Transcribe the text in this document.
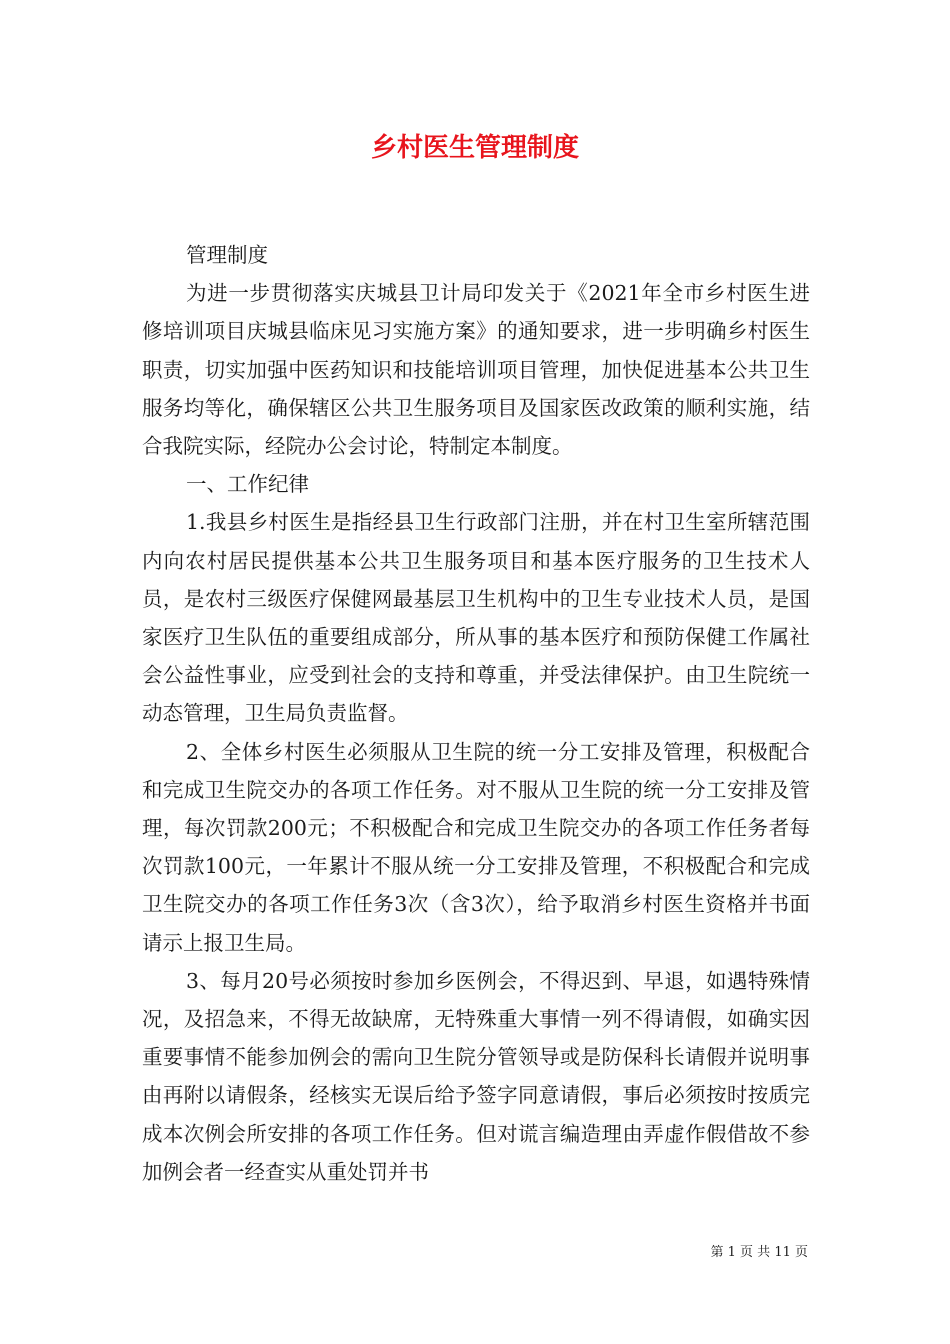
乡村医生管理制度

管理制度

为进一步贯彻落实庆城县卫计局印发关于《2021年全市乡村医生进修培训项目庆城县临床见习实施方案》的通知要求，进一步明确乡村医生职责，切实加强中医药知识和技能培训项目管理，加快促进基本公共卫生服务均等化，确保辖区公共卫生服务项目及国家医改政策的顺利实施，结合我院实际，经院办公会讨论，特制定本制度。

一、工作纪律

1.我县乡村医生是指经县卫生行政部门注册，并在村卫生室所辖范围内向农村居民提供基本公共卫生服务项目和基本医疗服务的卫生技术人员，是农村三级医疗保健网最基层卫生机构中的卫生专业技术人员，是国家医疗卫生队伍的重要组成部分，所从事的基本医疗和预防保健工作属社会公益性事业，应受到社会的支持和尊重，并受法律保护。由卫生院统一动态管理，卫生局负责监督。

2、全体乡村医生必须服从卫生院的统一分工安排及管理，积极配合和完成卫生院交办的各项工作任务。对不服从卫生院的统一分工安排及管理，每次罚款200元；不积极配合和完成卫生院交办的各项工作任务者每次罚款100元，一年累计不服从统一分工安排及管理，不积极配合和完成卫生院交办的各项工作任务3次（含3次），给予取消乡村医生资格并书面请示上报卫生局。

3、每月20号必须按时参加乡医例会，不得迟到、早退，如遇特殊情况，及招急来，不得无故缺席，无特殊重大事情一列不得请假，如确实因重要事情不能参加例会的需向卫生院分管领导或是防保科长请假并说明事由再附以请假条，经核实无误后给予签字同意请假，事后必须按时按质完成本次例会所安排的各项工作任务。但对谎言编造理由弄虚作假借故不参加例会者一经查实从重处罚并书

第 1 页 共 11 页
